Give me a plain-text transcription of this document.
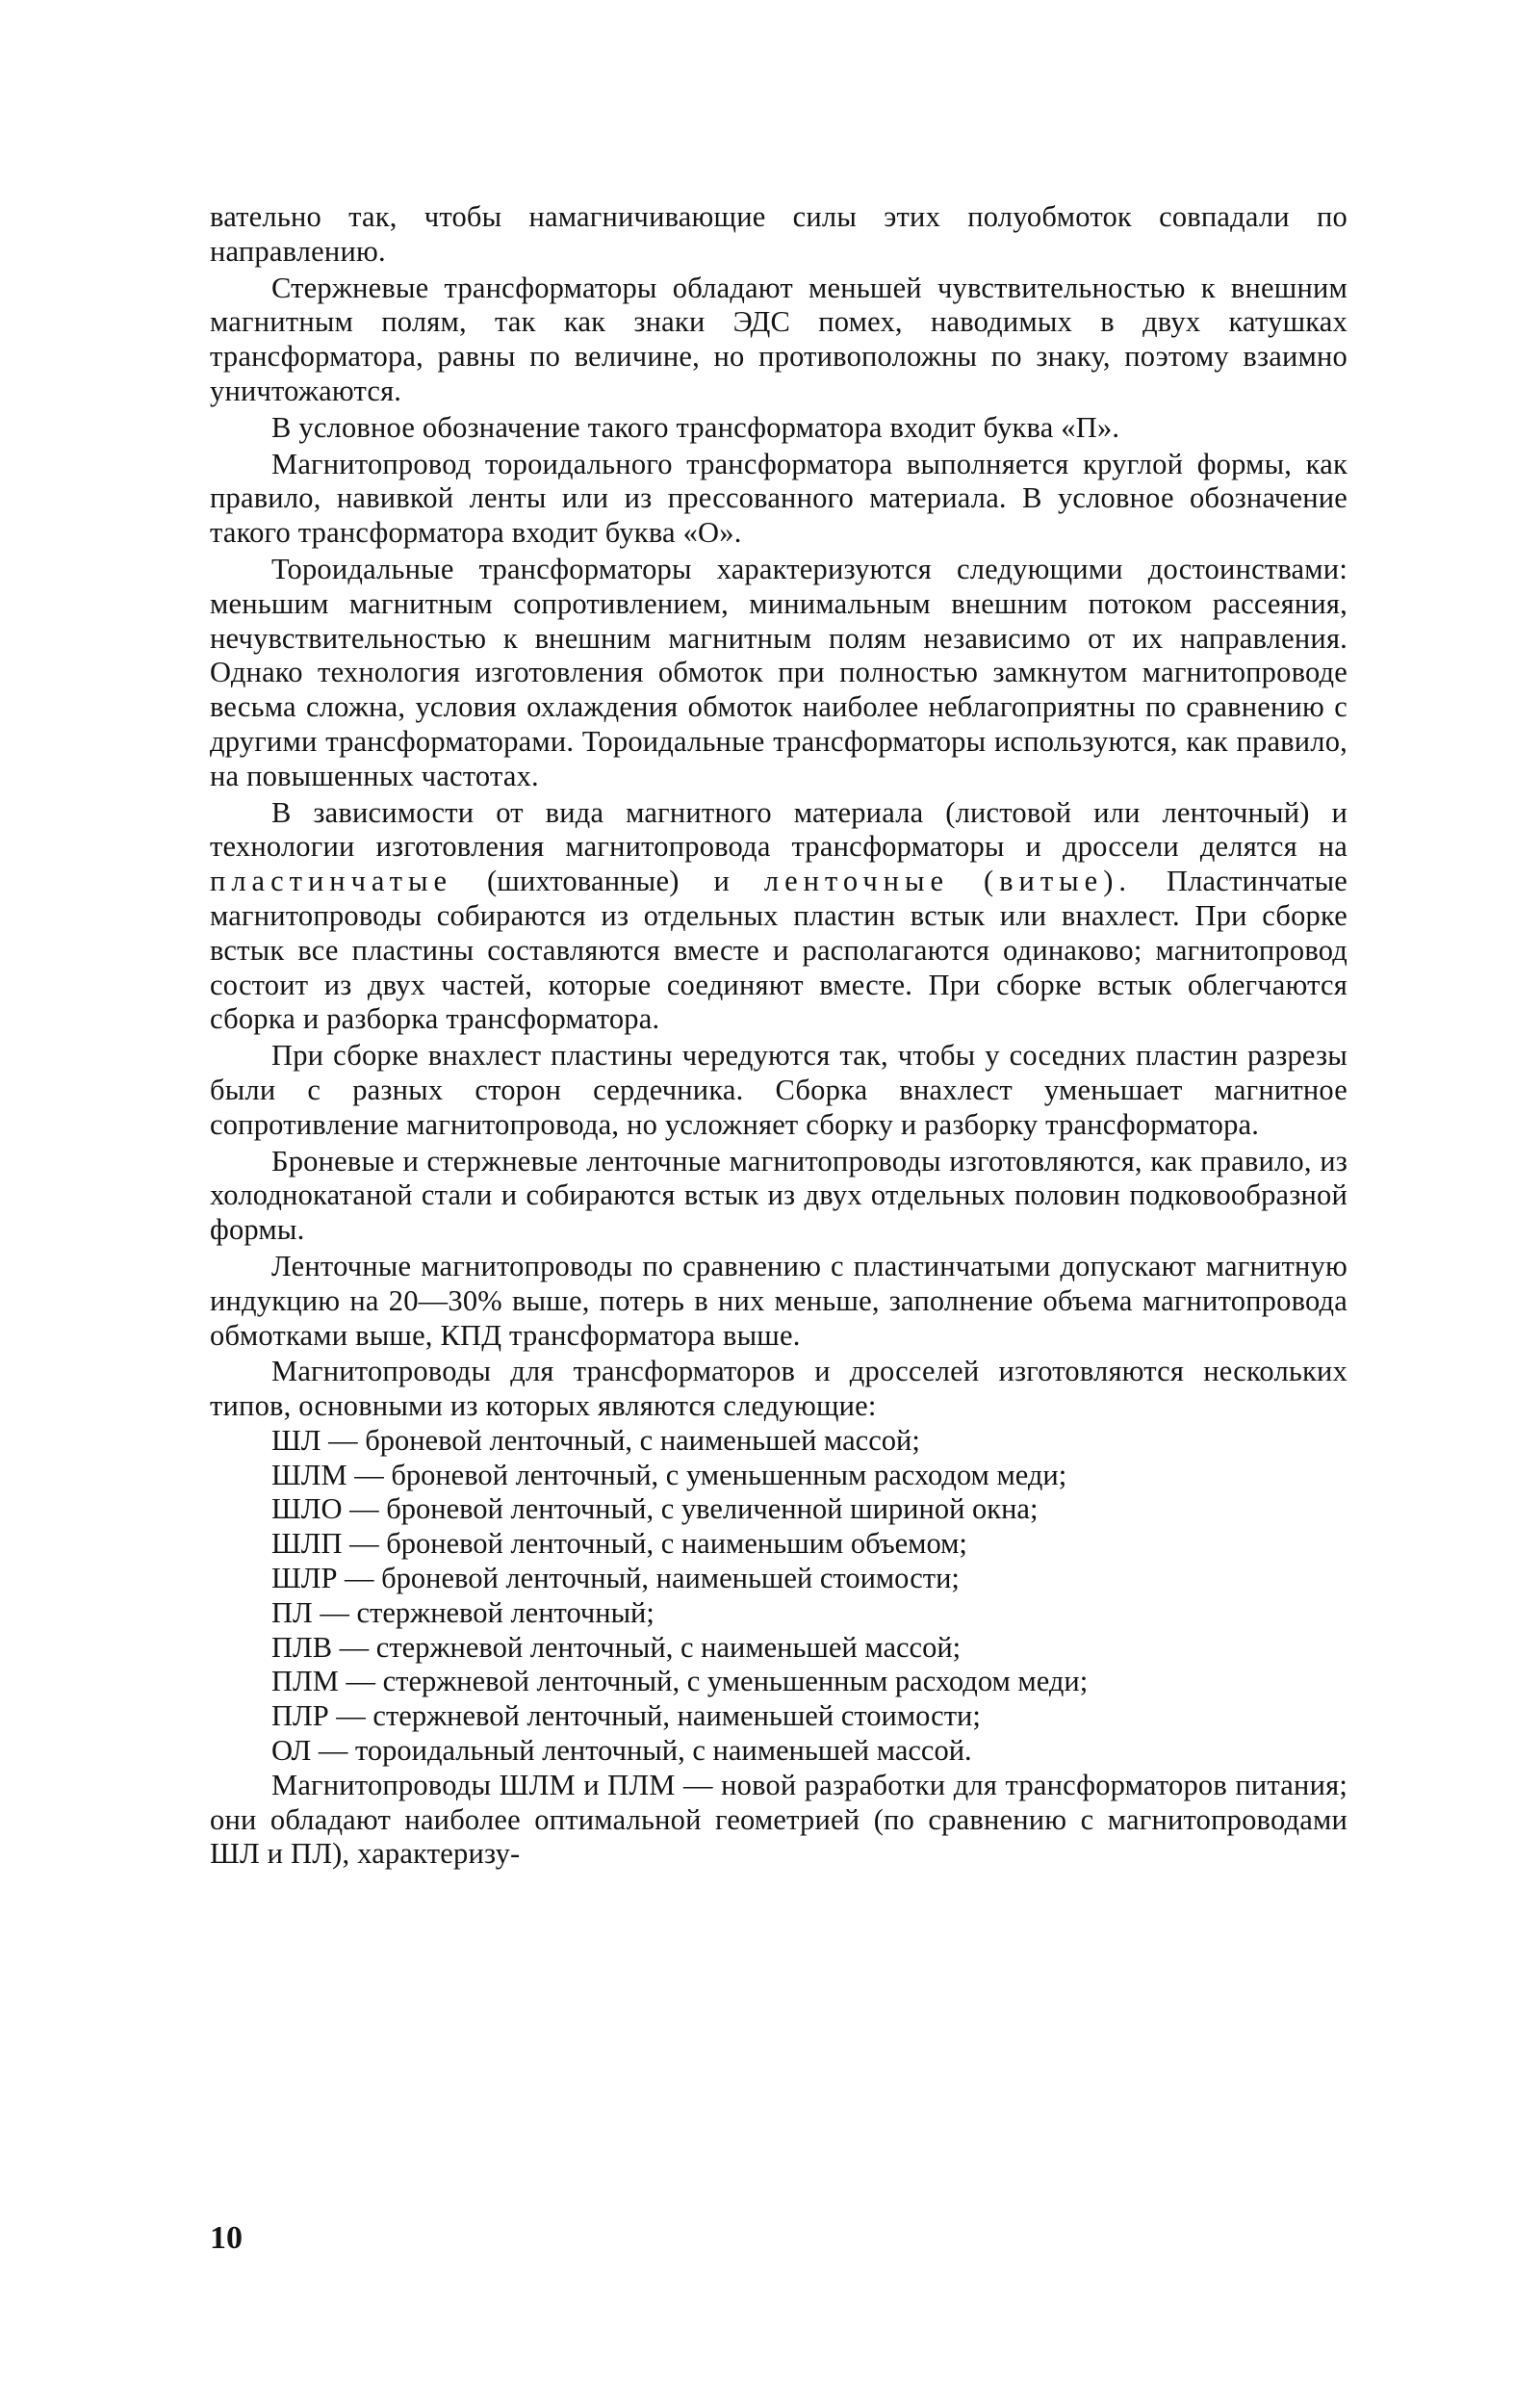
вательно так, чтобы намагничивающие силы этих полуобмоток совпадали по направлению.

Стержневые трансформаторы обладают меньшей чувствительностью к внешним магнитным полям, так как знаки ЭДС помех, наводимых в двух катушках трансформатора, равны по величине, но противоположны по знаку, поэтому взаимно уничтожаются.

В условное обозначение такого трансформатора входит буква «П».

Магнитопровод тороидального трансформатора выполняется круглой формы, как правило, навивкой ленты или из прессованного материала. В условное обозначение такого трансформатора входит буква «О».

Тороидальные трансформаторы характеризуются следующими достоинствами: меньшим магнитным сопротивлением, минимальным внешним потоком рассеяния, нечувствительностью к внешним магнитным полям независимо от их направления. Однако технология изготовления обмоток при полностью замкнутом магнитопроводе весьма сложна, условия охлаждения обмоток наиболее неблагоприятны по сравнению с другими трансформаторами. Тороидальные трансформаторы используются, как правило, на повышенных частотах.

В зависимости от вида магнитного материала (листовой или ленточный) и технологии изготовления магнитопровода трансформаторы и дроссели делятся на пластинчатые (шихтованные) и ленточные (витые). Пластинчатые магнитопроводы собираются из отдельных пластин встык или внахлест. При сборке встык все пластины составляются вместе и располагаются одинаково; магнитопровод состоит из двух частей, которые соединяют вместе. При сборке встык облегчаются сборка и разборка трансформатора.

При сборке внахлест пластины чередуются так, чтобы у соседних пластин разрезы были с разных сторон сердечника. Сборка внахлест уменьшает магнитное сопротивление магнитопровода, но усложняет сборку и разборку трансформатора.

Броневые и стержневые ленточные магнитопроводы изготовляются, как правило, из холоднокатаной стали и собираются встык из двух отдельных половин подковообразной формы.

Ленточные магнитопроводы по сравнению с пластинчатыми допускают магнитную индукцию на 20—30% выше, потерь в них меньше, заполнение объема магнитопровода обмотками выше, КПД трансформатора выше.

Магнитопроводы для трансформаторов и дросселей изготовляются нескольких типов, основными из которых являются следующие:

ШЛ — броневой ленточный, с наименьшей массой;
ШЛМ — броневой ленточный, с уменьшенным расходом меди;
ШЛО — броневой ленточный, с увеличенной шириной окна;
ШЛП — броневой ленточный, с наименьшим объемом;
ШЛР — броневой ленточный, наименьшей стоимости;
ПЛ — стержневой ленточный;
ПЛВ — стержневой ленточный, с наименьшей массой;
ПЛМ — стержневой ленточный, с уменьшенным расходом меди;
ПЛР — стержневой ленточный, наименьшей стоимости;
ОЛ — тороидальный ленточный, с наименьшей массой.

Магнитопроводы ШЛМ и ПЛМ — новой разработки для трансформаторов питания; они обладают наиболее оптимальной геометрией (по сравнению с магнитопроводами ШЛ и ПЛ), характеризу-

10
